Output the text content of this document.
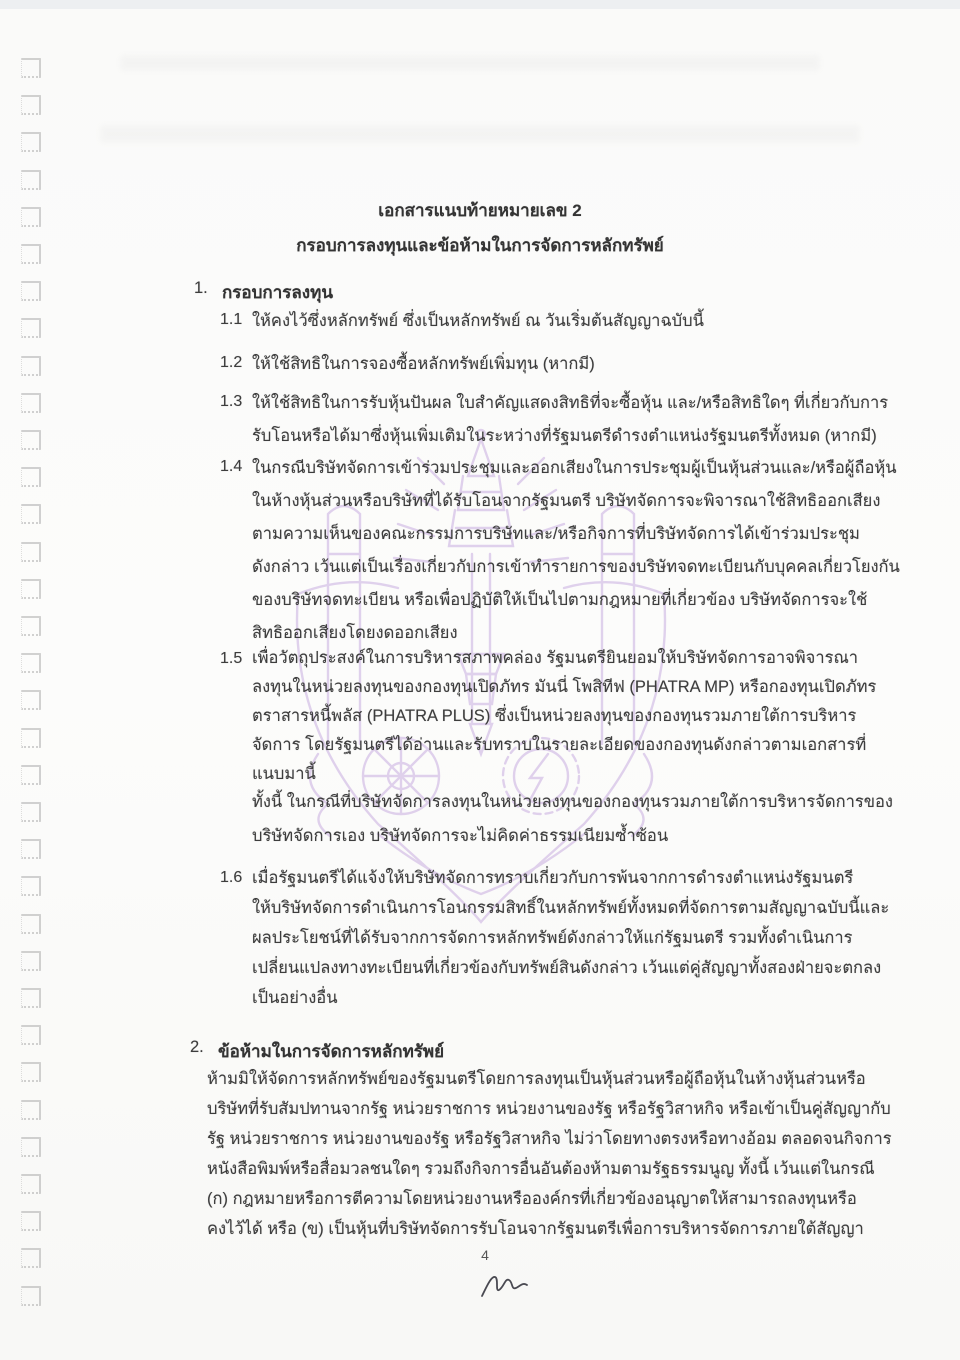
เอกสารแนบท้ายหมายเลข 2
กรอบการลงทุนและข้อห้ามในการจัดการหลักทรัพย์
1. กรอบการลงทุน
1.1 ให้คงไว้ซึ่งหลักทรัพย์ ซึ่งเป็นหลักทรัพย์ ณ วันเริ่มต้นสัญญาฉบับนี้
1.2 ให้ใช้สิทธิในการจองซื้อหลักทรัพย์เพิ่มทุน (หากมี)
1.3 ให้ใช้สิทธิในการรับหุ้นปันผล ใบสำคัญแสดงสิทธิที่จะซื้อหุ้น และ/หรือสิทธิใดๆ ที่เกี่ยวกับการ
รับโอนหรือได้มาซึ่งหุ้นเพิ่มเติมในระหว่างที่รัฐมนตรีดำรงตำแหน่งรัฐมนตรีทั้งหมด (หากมี)
1.4 ในกรณีบริษัทจัดการเข้าร่วมประชุมและออกเสียงในการประชุมผู้เป็นหุ้นส่วนและ/หรือผู้ถือหุ้น
ในห้างหุ้นส่วนหรือบริษัทที่ได้รับโอนจากรัฐมนตรี บริษัทจัดการจะพิจารณาใช้สิทธิออกเสียง
ตามความเห็นของคณะกรรมการบริษัทและ/หรือกิจการที่บริษัทจัดการได้เข้าร่วมประชุม
ดังกล่าว เว้นแต่เป็นเรื่องเกี่ยวกับการเข้าทำรายการของบริษัทจดทะเบียนกับบุคคลเกี่ยวโยงกัน
ของบริษัทจดทะเบียน หรือเพื่อปฏิบัติให้เป็นไปตามกฎหมายที่เกี่ยวข้อง บริษัทจัดการจะใช้
สิทธิออกเสียงโดยงดออกเสียง
1.5 เพื่อวัตถุประสงค์ในการบริหารสภาพคล่อง รัฐมนตรียินยอมให้บริษัทจัดการอาจพิจารณา
ลงทุนในหน่วยลงทุนของกองทุนเปิดภัทร มันนี่ โพสิทีฟ (PHATRA MP) หรือกองทุนเปิดภัทร
ตราสารหนี้พลัส (PHATRA PLUS) ซึ่งเป็นหน่วยลงทุนของกองทุนรวมภายใต้การบริหาร
จัดการ โดยรัฐมนตรีได้อ่านและรับทราบในรายละเอียดของกองทุนดังกล่าวตามเอกสารที่
แนบมานี้
ทั้งนี้ ในกรณีที่บริษัทจัดการลงทุนในหน่วยลงทุนของกองทุนรวมภายใต้การบริหารจัดการของ
บริษัทจัดการเอง บริษัทจัดการจะไม่คิดค่าธรรมเนียมซ้ำซ้อน
1.6 เมื่อรัฐมนตรีได้แจ้งให้บริษัทจัดการทราบเกี่ยวกับการพ้นจากการดำรงตำแหน่งรัฐมนตรี
ให้บริษัทจัดการดำเนินการโอนกรรมสิทธิ์ในหลักทรัพย์ทั้งหมดที่จัดการตามสัญญาฉบับนี้และ
ผลประโยชน์ที่ได้รับจากการจัดการหลักทรัพย์ดังกล่าวให้แก่รัฐมนตรี รวมทั้งดำเนินการ
เปลี่ยนแปลงทางทะเบียนที่เกี่ยวข้องกับทรัพย์สินดังกล่าว เว้นแต่คู่สัญญาทั้งสองฝ่ายจะตกลง
เป็นอย่างอื่น
2. ข้อห้ามในการจัดการหลักทรัพย์
ห้ามมิให้จัดการหลักทรัพย์ของรัฐมนตรีโดยการลงทุนเป็นหุ้นส่วนหรือผู้ถือหุ้นในห้างหุ้นส่วนหรือ
บริษัทที่รับสัมปทานจากรัฐ หน่วยราชการ หน่วยงานของรัฐ หรือรัฐวิสาหกิจ หรือเข้าเป็นคู่สัญญากับ
รัฐ หน่วยราชการ หน่วยงานของรัฐ หรือรัฐวิสาหกิจ ไม่ว่าโดยทางตรงหรือทางอ้อม ตลอดจนกิจการ
หนังสือพิมพ์หรือสื่อมวลชนใดๆ รวมถึงกิจการอื่นอันต้องห้ามตามรัฐธรรมนูญ ทั้งนี้ เว้นแต่ในกรณี
(ก) กฎหมายหรือการตีความโดยหน่วยงานหรือองค์กรที่เกี่ยวข้องอนุญาตให้สามารถลงทุนหรือ
คงไว้ได้ หรือ (ข) เป็นหุ้นที่บริษัทจัดการรับโอนจากรัฐมนตรีเพื่อการบริหารจัดการภายใต้สัญญา
4
